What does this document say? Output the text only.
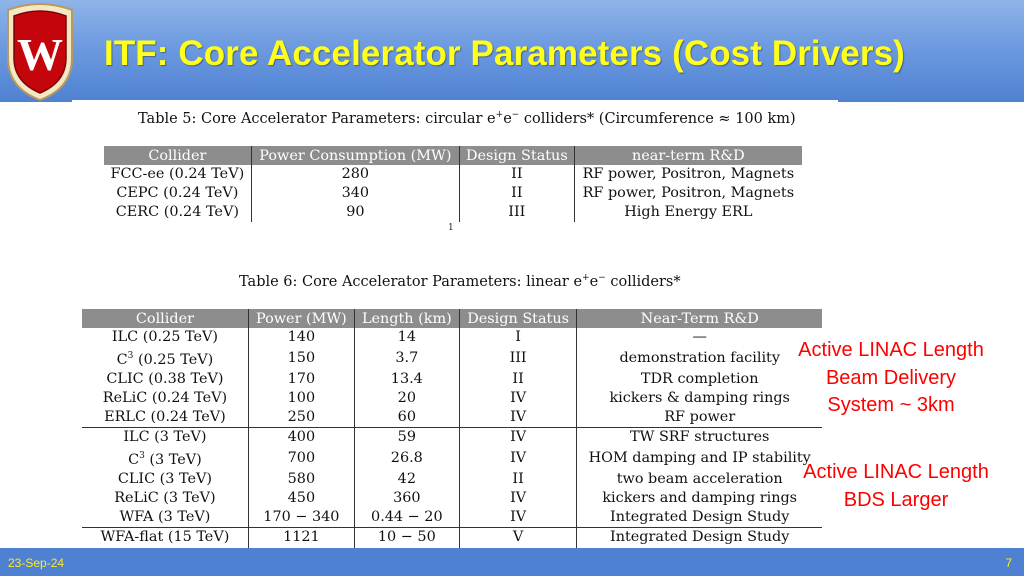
W ITF: Core Accelerator Parameters (Cost Drivers)
Table 5: Core Accelerator Parameters: circular e+e− colliders* (Circumference ≈ 100 km)
Collider	Power Consumption (MW)	Design Status	near-term R&D
FCC-ee (0.24 TeV)	280	II	RF power, Positron, Magnets
CEPC (0.24 TeV)	340	II	RF power, Positron, Magnets
CERC (0.24 TeV)	90	III	High Energy ERL
1
Table 6: Core Accelerator Parameters: linear e+e− colliders*
Collider	Power (MW)	Length (km)	Design Status	Near-Term R&D
ILC (0.25 TeV)	140	14	I	—
$C^3$ (0.25 TeV)	150	3.7	III	demonstration facility
CLIC (0.38 TeV)	170	13.4	II	TDR completion
ReLiC (0.24 TeV)	100	20	IV	kickers & damping rings
ERLC (0.24 TeV)	250	60	IV	RF power
ILC (3 TeV)	400	59	IV	TW SRF structures
$C^3$ (3 TeV)	700	26.8	IV	HOM damping and IP stability
CLIC (3 TeV)	580	42	II	two beam acceleration
ReLiC (3 TeV)	450	360	IV	kickers and damping rings
WFA (3 TeV)	170 − 340	0.44 − 20	IV	Integrated Design Study
WFA-flat (15 TeV)	1121	10 − 50	V	Integrated Design Study

Active LINAC Length
Beam Delivery
System ~ 3km
Active LINAC Length
BDS Larger
23-Sep-24	7
